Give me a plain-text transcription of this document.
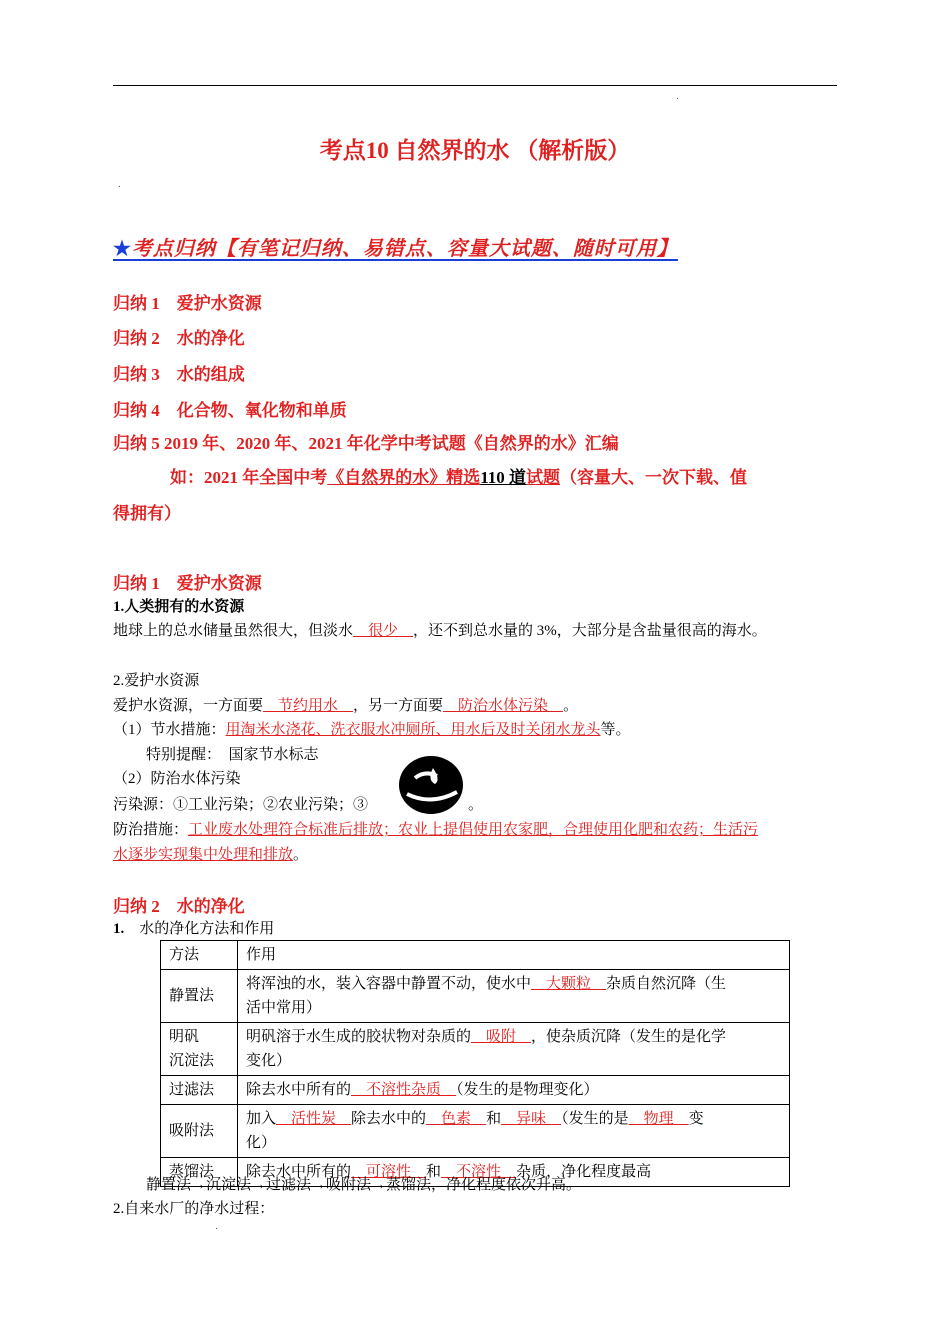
.
考点10 自然界的水 （解析版）
.
★考点归纳【有笔记归纳、易错点、容量大试题、随时可用】
归纳 1　爱护水资源
归纳 2　水的净化
归纳 3　水的组成
归纳 4　化合物、氧化物和单质
归纳 5 2019 年、2020 年、2021 年化学中考试题《自然界的水》汇编
如：2021 年全国中考《自然界的水》精选110 道试题（容量大、一次下载、值
得拥有）
归纳 1　爱护水资源
1.人类拥有的水资源
地球上的总水储量虽然很大，但淡水　很少　，还不到总水量的 3%，大部分是含盐量很高的海水。
2.爱护水资源
爱护水资源，一方面要　节约用水　，另一方面要　防治水体污染　。
（1）节水措施：用淘米水浇花、洗衣服水冲厕所、用水后及时关闭水龙头等。
特别提醒：　国家节水标志
（2）防治水体污染
污染源：①工业污染；②农业污染；③	。
防治措施：工业废水处理符合标准后排放；农业上提倡使用农家肥，合理使用化肥和农药；生活污
水逐步实现集中处理和排放。
归纳 2　水的净化
1. 水的净化方法和作用
方法	作用
静置法	将浑浊的水，装入容器中静置不动，使水中　大颗粒　杂质自然沉降（生
活中常用）
明矾
沉淀法	明矾溶于水生成的胶状物对杂质的　吸附　，使杂质沉降（发生的是化学
变化）
过滤法	除去水中所有的　不溶性杂质　（发生的是物理变化）
吸附法	加入　活性炭　除去水中的　色素　和　异味　（发生的是　物理　变
化）
蒸馏法	除去水中所有的　可溶性　和　不溶性　杂质，净化程度最高
静置法→沉淀法→过滤法→吸附法→蒸馏法，净化程度依次升高。
2.自来水厂的净水过程：
.
